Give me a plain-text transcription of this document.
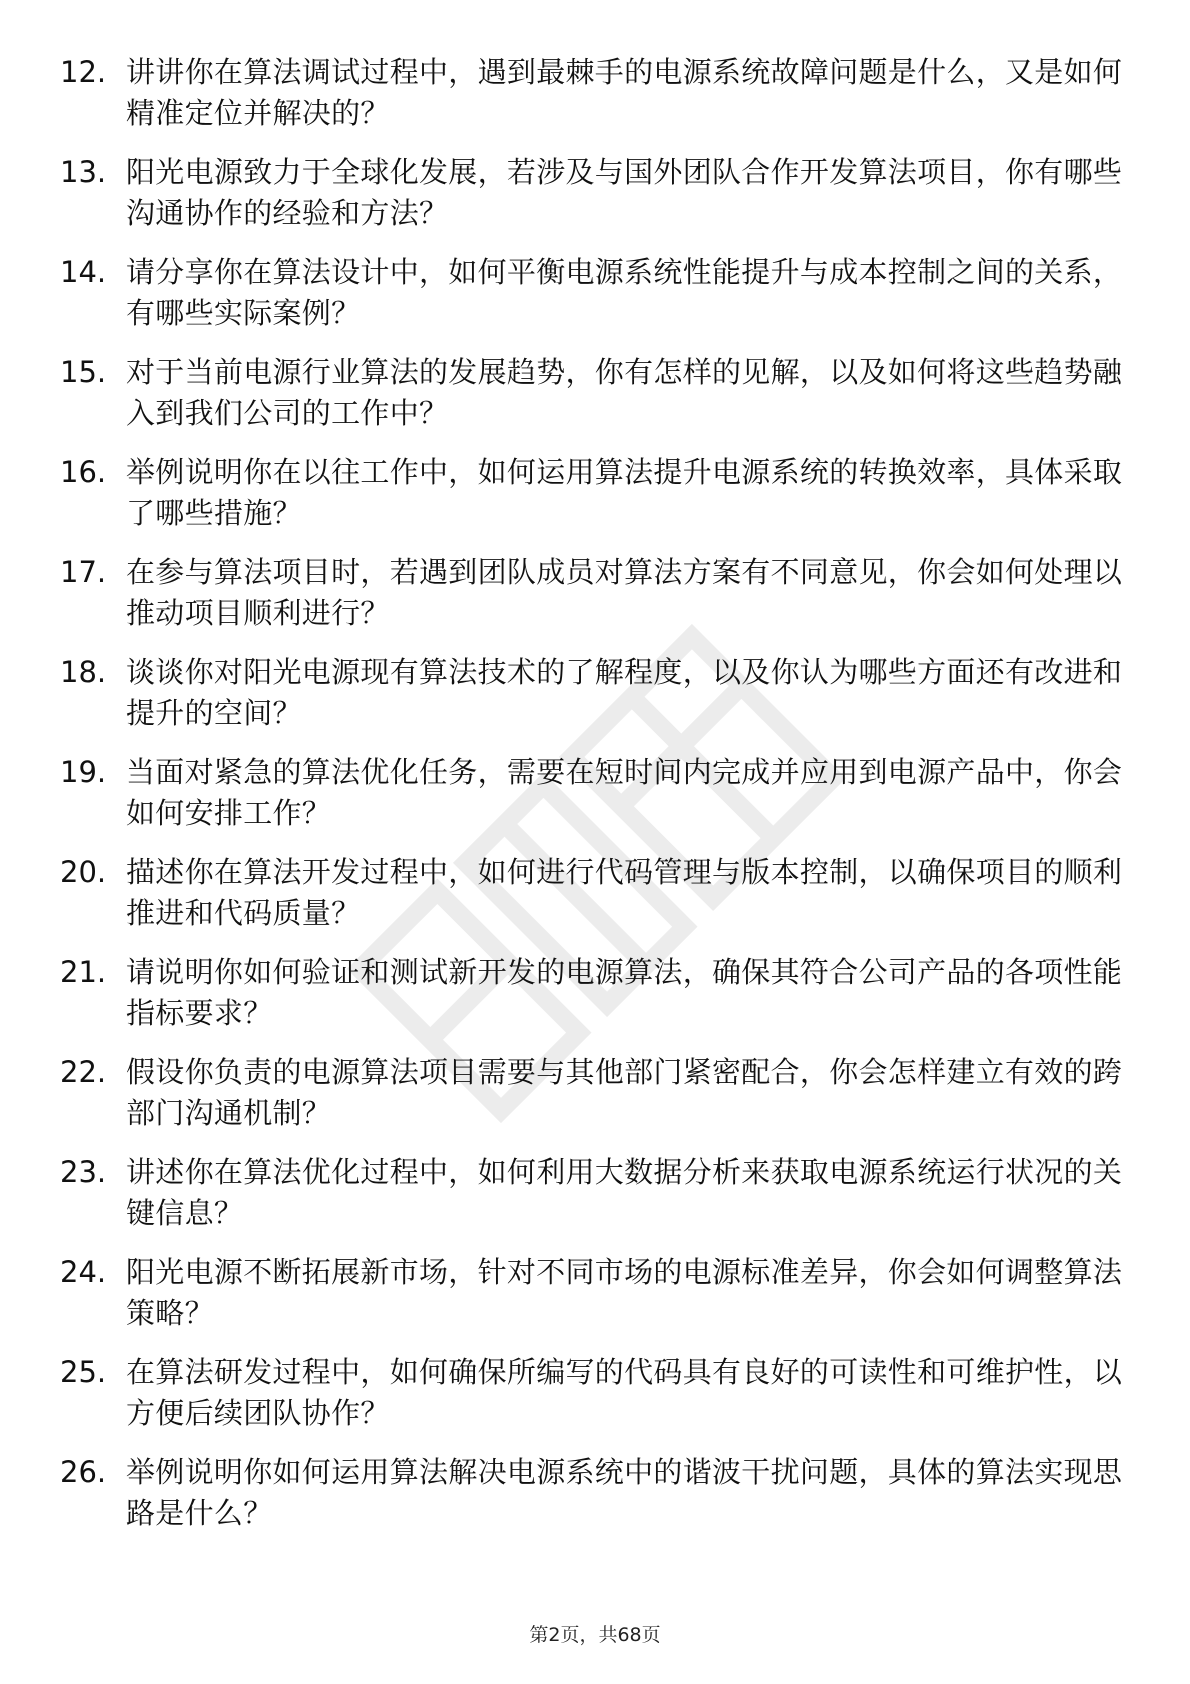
12. 讲讲你在算法调试过程中，遇到最棘手的电源系统故障问题是什么，又是如何精准定位并解决的？
13. 阳光电源致力于全球化发展，若涉及与国外团队合作开发算法项目，你有哪些沟通协作的经验和方法？
14. 请分享你在算法设计中，如何平衡电源系统性能提升与成本控制之间的关系，有哪些实际案例？
15. 对于当前电源行业算法的发展趋势，你有怎样的见解，以及如何将这些趋势融入到我们公司的工作中？
16. 举例说明你在以往工作中，如何运用算法提升电源系统的转换效率，具体采取了哪些措施？
17. 在参与算法项目时，若遇到团队成员对算法方案有不同意见，你会如何处理以推动项目顺利进行？
18. 谈谈你对阳光电源现有算法技术的了解程度，以及你认为哪些方面还有改进和提升的空间？
19. 当面对紧急的算法优化任务，需要在短时间内完成并应用到电源产品中，你会如何安排工作？
20. 描述你在算法开发过程中，如何进行代码管理与版本控制，以确保项目的顺利推进和代码质量？
21. 请说明你如何验证和测试新开发的电源算法，确保其符合公司产品的各项性能指标要求？
22. 假设你负责的电源算法项目需要与其他部门紧密配合，你会怎样建立有效的跨部门沟通机制？
23. 讲述你在算法优化过程中，如何利用大数据分析来获取电源系统运行状况的关键信息？
24. 阳光电源不断拓展新市场，针对不同市场的电源标准差异，你会如何调整算法策略？
25. 在算法研发过程中，如何确保所编写的代码具有良好的可读性和可维护性，以方便后续团队协作？
26. 举例说明你如何运用算法解决电源系统中的谐波干扰问题，具体的算法实现思路是什么？
第2页，共68页
